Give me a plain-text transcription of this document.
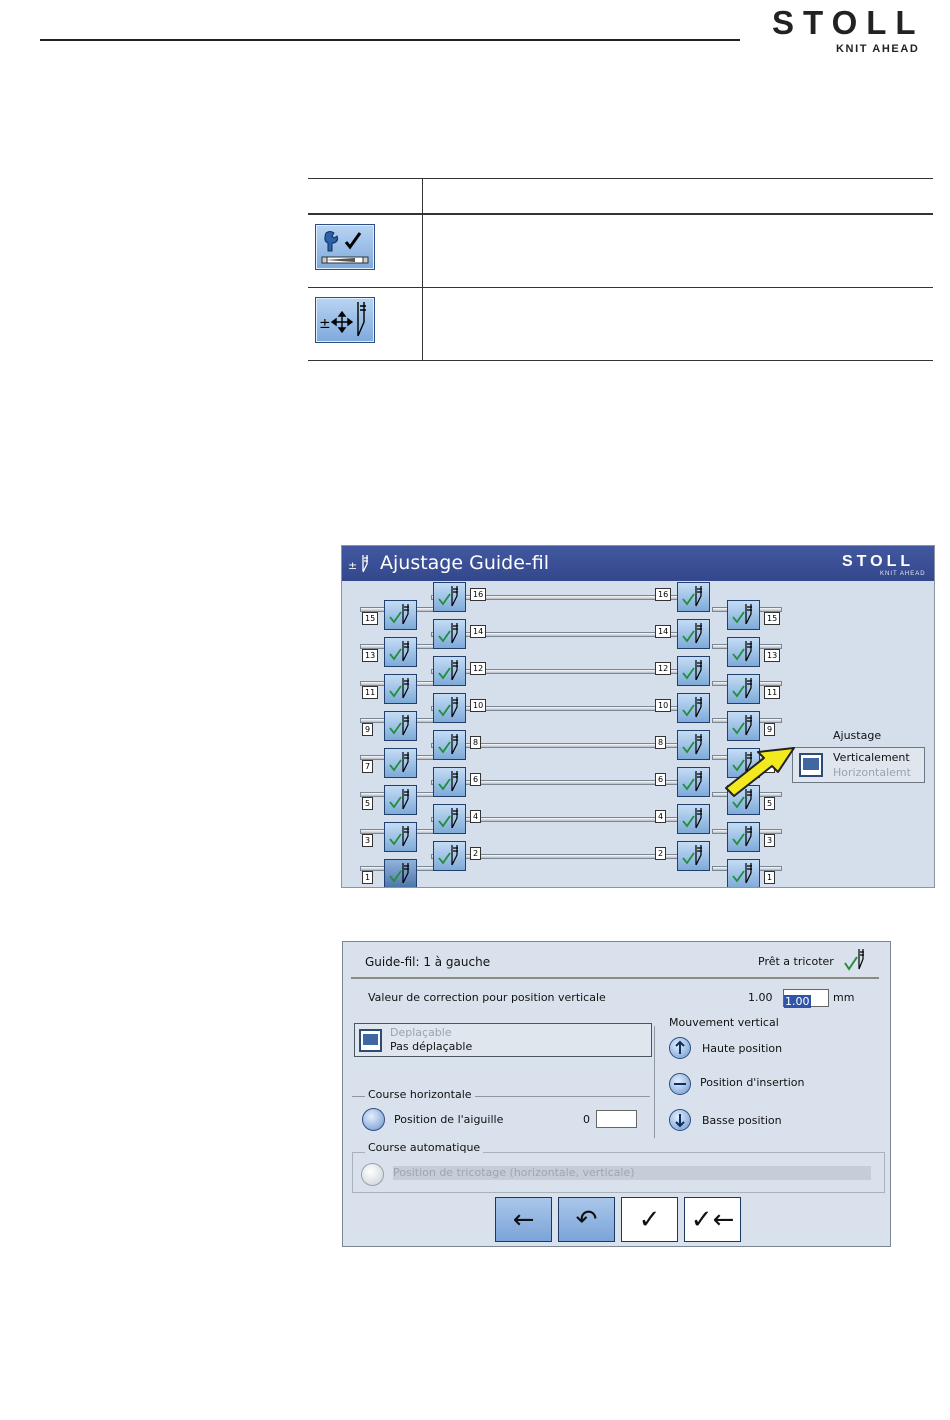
STOLL
KNIT AHEAD
±
± Ajustage Guide-fil	STOLL
KNIT AHEAD
16	16
15	15
14	14
13	13
12	12
11	11
10	10
9	9
8	8
7
6	6
5	5
4	4
3	3
2	2
1	1
Ajustage
Verticalement
Horizontalemt
Guide-fil: 1 à gauche	Prêt a tricoter
Valeur de correction pour position verticale	1.00 1.00	mm
Deplaçable
Pas déplaçable
Mouvement vertical
Haute position
Position d'insertion
Basse position
Course horizontale
Position de l'aiguille	0
Course automatique
Position de tricotage (horizontale, verticale)
←	↶	✓	✓←
